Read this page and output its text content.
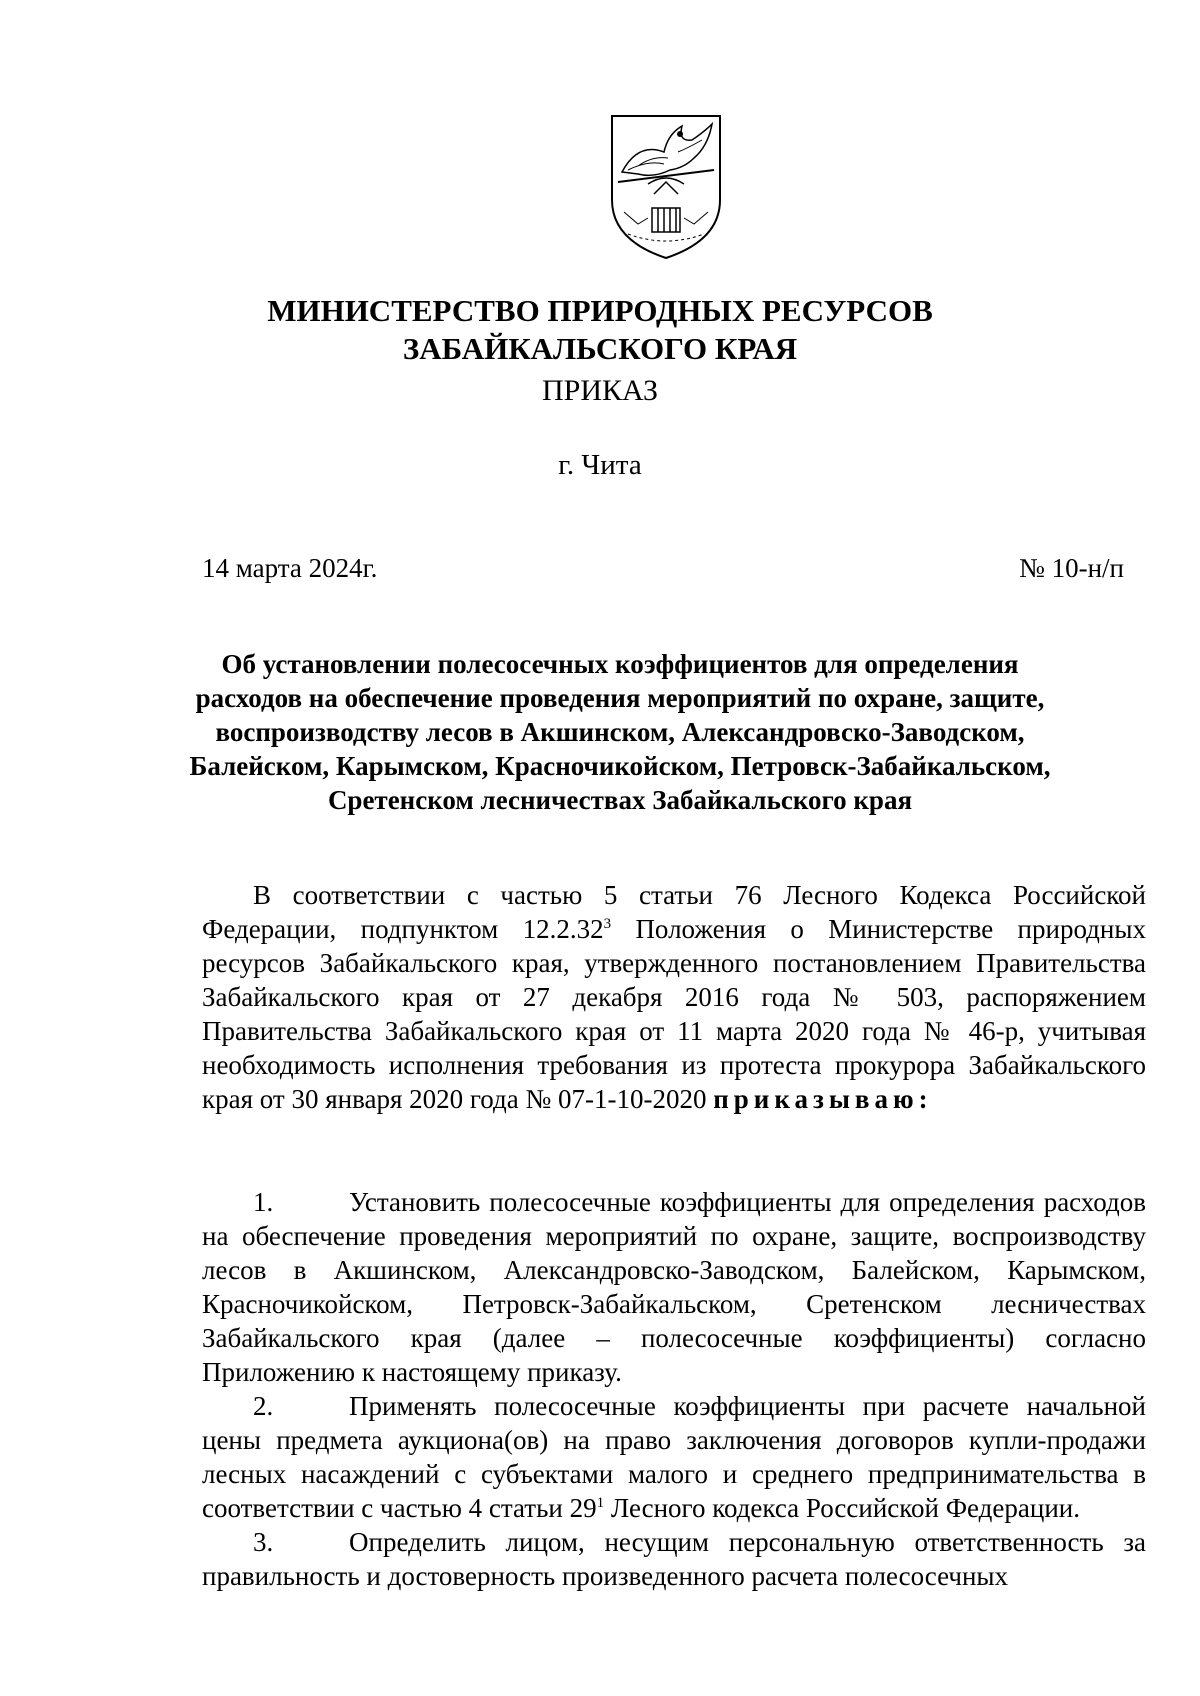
МИНИСТЕРСТВО ПРИРОДНЫХ РЕСУРСОВ
ЗАБАЙКАЛЬСКОГО КРАЯ
ПРИКАЗ
г. Чита
14 марта 2024г.	№ 10-н/п
Об установлении полесосечных коэффициентов для определения
расходов на обеспечение проведения мероприятий по охране, защите,
воспроизводству лесов в Акшинском, Александровско-Заводском,
Балейском, Карымском, Красночикойском, Петровск-Забайкальском,
Сретенском лесничествах Забайкальского края

В соответствии с частью 5 статьи 76 Лесного Кодекса Российской Федерации, подпунктом 12.2.32$^3$ Положения о Министерстве природных ресурсов Забайкальского края, утвержденного постановлением Правительства Забайкальского края от 27 декабря 2016 года № 503, распоряжением Правительства Забайкальского края от 11 марта 2020 года № 46-р, учитывая необходимость исполнения требования из протеста прокурора Забайкальского края от 30 января 2020 года № 07-1-10-2020 приказываю:

1.	Установить полесосечные коэффициенты для определения расходов на обеспечение проведения мероприятий по охране, защите, воспроизводству лесов в Акшинском, Александровско-Заводском, Балейском, Карымском, Красночикойском, Петровск-Забайкальском, Сретенском лесничествах Забайкальского края (далее – полесосечные коэффициенты) согласно Приложению к настоящему приказу.

2.	Применять полесосечные коэффициенты при расчете начальной цены предмета аукциона(ов) на право заключения договоров купли-продажи лесных насаждений с субъектами малого и среднего предпринимательства в соответствии с частью 4 статьи $29^1$ Лесного кодекса Российской Федерации.

3.	Определить лицом, несущим персональную ответственность за правильность и достоверность произведенного расчета полесосечных
